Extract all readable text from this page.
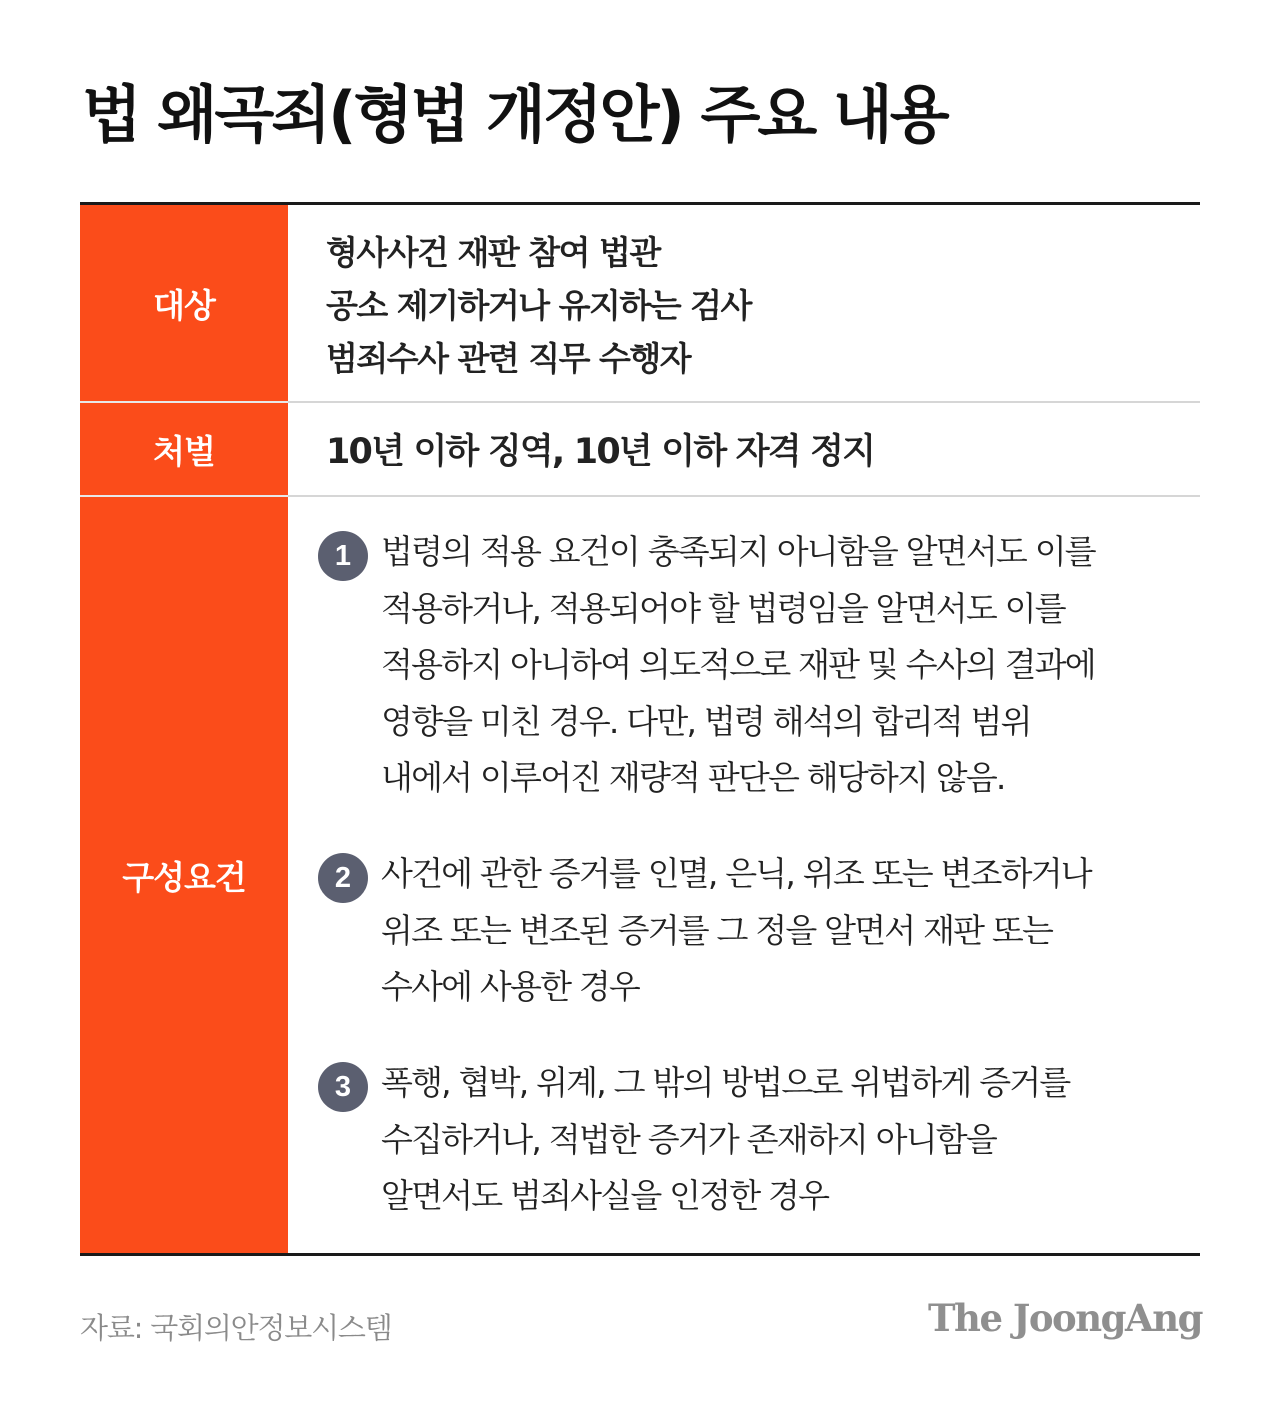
법 왜곡죄(형법 개정안) 주요 내용
대상
형사사건 재판 참여 법관
공소 제기하거나 유지하는 검사
범죄수사 관련 직무 수행자
처벌	10년 이하 징역, 10년 이하 자격 정지
구성요건
1 법령의 적용 요건이 충족되지 아니함을 알면서도 이를
적용하거나, 적용되어야 할 법령임을 알면서도 이를
적용하지 아니하여 의도적으로 재판 및 수사의 결과에
영향을 미친 경우. 다만, 법령 해석의 합리적 범위
내에서 이루어진 재량적 판단은 해당하지 않음.
2 사건에 관한 증거를 인멸, 은닉, 위조 또는 변조하거나
위조 또는 변조된 증거를 그 정을 알면서 재판 또는
수사에 사용한 경우
3 폭행, 협박, 위계, 그 밖의 방법으로 위법하게 증거를
수집하거나, 적법한 증거가 존재하지 아니함을
알면서도 범죄사실을 인정한 경우
자료: 국회의안정보시스템	The JoongAng
